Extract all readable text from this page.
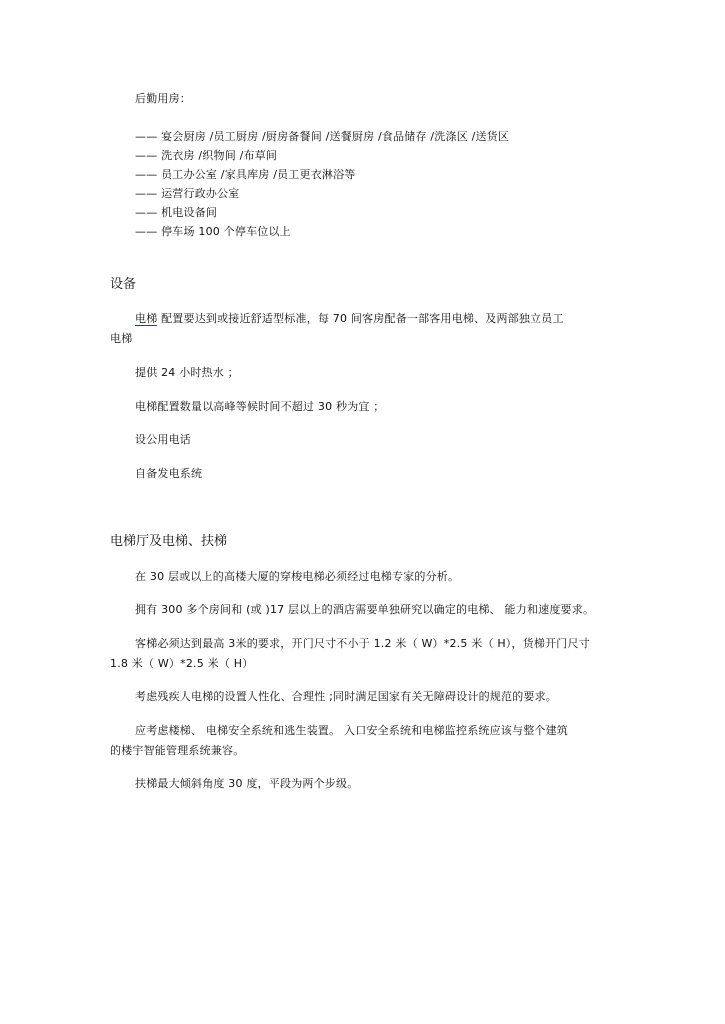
后勤用房：
—— 宴会厨房 /员工厨房 /厨房备餐间 /送餐厨房 /食品储存 /洗涤区 /送货区
—— 洗衣房 /织物间 /布草间
—— 员工办公室 /家具库房 /员工更衣淋浴等
—— 运营行政办公室
—— 机电设备间
—— 停车场 100 个停车位以上
设备
电梯 配置要达到或接近舒适型标准，每 70 间客房配备一部客用电梯、及两部独立员工
电梯
提供 24 小时热水 ；
电梯配置数量以高峰等候时间不超过 30 秒为宜 ；
设公用电话
自备发电系统
电梯厅及电梯、扶梯
在 30 层或以上的高楼大厦的穿梭电梯必须经过电梯专家的分析。
拥有 300 多个房间和 (或 )17 层以上的酒店需要单独研究以确定的电梯、 能力和速度要求。
客梯必须达到最高 3米的要求，开门尺寸不小于 1.2 米（ W）*2.5 米（ H），货梯开门尺寸
1.8 米（ W）*2.5 米（ H）
考虑残疾人电梯的设置人性化、合理性 ;同时满足国家有关无障碍设计的规范的要求。
应考虑楼梯、 电梯安全系统和逃生装置。 入口安全系统和电梯监控系统应该与整个建筑
的楼宇智能管理系统兼容。
扶梯最大倾斜角度 30 度，平段为两个步级。
